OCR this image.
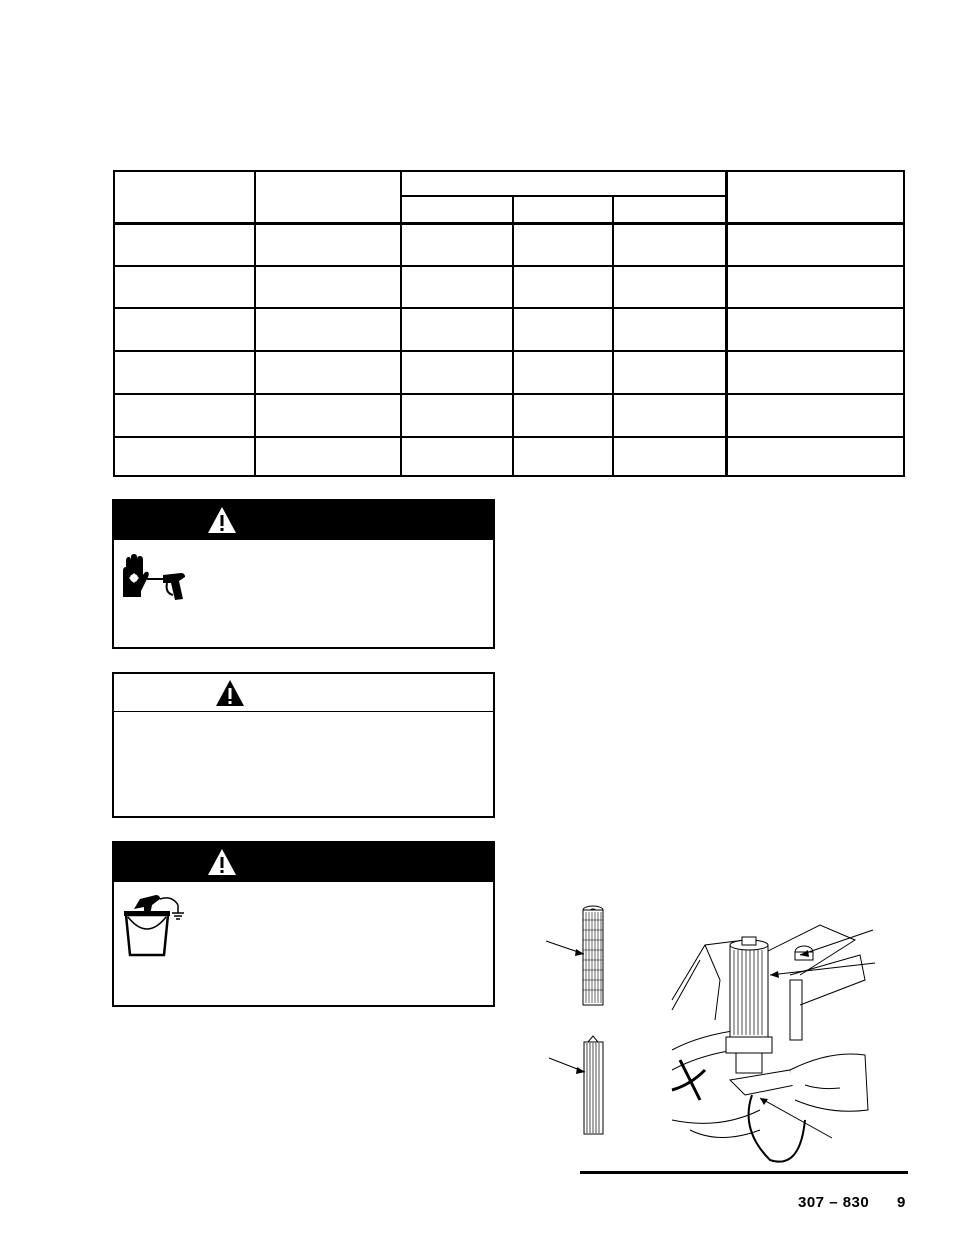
307 – 830 9
